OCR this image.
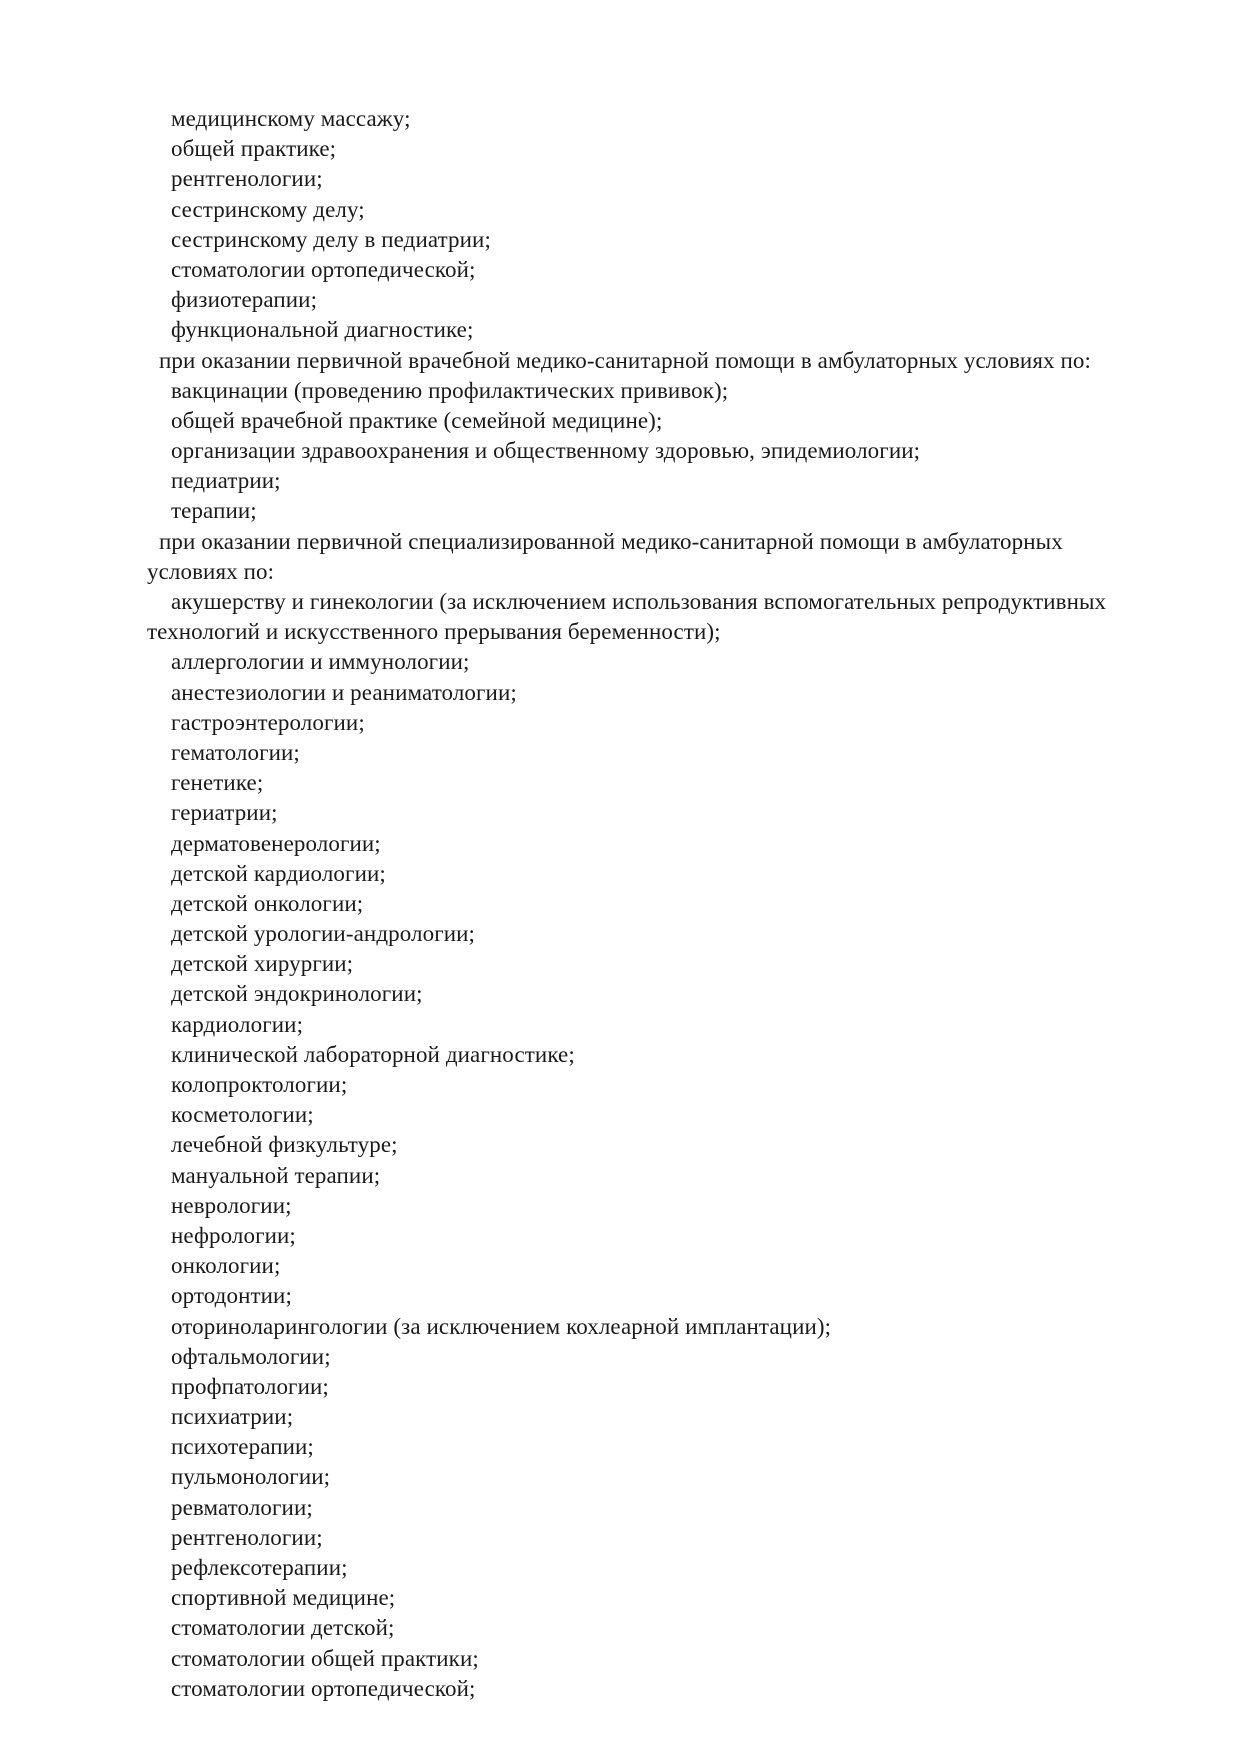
медицинскому массажу;
общей практике;
рентгенологии;
сестринскому делу;
сестринскому делу в педиатрии;
стоматологии ортопедической;
физиотерапии;
функциональной диагностике;
при оказании первичной врачебной медико-санитарной помощи в амбулаторных условиях по:
вакцинации (проведению профилактических прививок);
общей врачебной практике (семейной медицине);
организации здравоохранения и общественному здоровью, эпидемиологии;
педиатрии;
терапии;
при оказании первичной специализированной медико-санитарной помощи в амбулаторных
условиях по:
акушерству и гинекологии (за исключением использования вспомогательных репродуктивных
технологий и искусственного прерывания беременности);
аллергологии и иммунологии;
анестезиологии и реаниматологии;
гастроэнтерологии;
гематологии;
генетике;
гериатрии;
дерматовенерологии;
детской кардиологии;
детской онкологии;
детской урологии-андрологии;
детской хирургии;
детской эндокринологии;
кардиологии;
клинической лабораторной диагностике;
колопроктологии;
косметологии;
лечебной физкультуре;
мануальной терапии;
неврологии;
нефрологии;
онкологии;
ортодонтии;
оториноларингологии (за исключением кохлеарной имплантации);
офтальмологии;
профпатологии;
психиатрии;
психотерапии;
пульмонологии;
ревматологии;
рентгенологии;
рефлексотерапии;
спортивной медицине;
стоматологии детской;
стоматологии общей практики;
стоматологии ортопедической;
